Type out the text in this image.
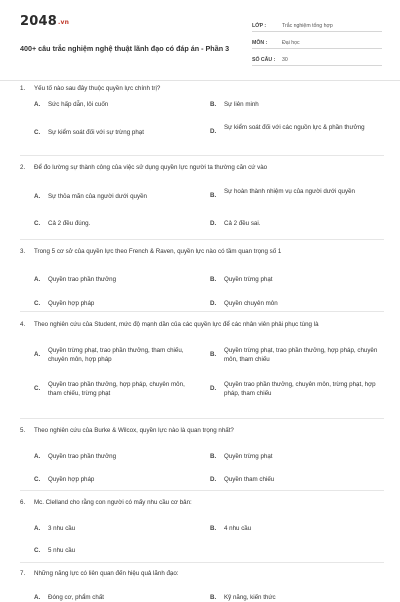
2048.vn
400+ câu trắc nghiệm nghệ thuật lãnh đạo có đáp án - Phần 3
LỚP :	Trắc nghiệm tổng hợp
MÔN :	Đại học
SỐ CÂU :	30
1. Yếu tố nào sau đây thuộc quyền lực chính trị?
A.	Sức hấp dẫn, lôi cuốn	B.	Sự liên minh
C.	Sự kiểm soát đối với sự trừng phạt	D.
Sự kiểm soát đối với các nguồn lực & phần thưởng
2. Để đo lường sự thành công của việc sử dụng quyền lực người ta thường căn cứ vào
A.	Sự thỏa mãn của người dưới quyền	B.
Sự hoàn thành nhiệm vụ của người dưới quyền
C.	Cả 2 đều đúng.	D.	Cả 2 đều sai.
3. Trong 5 cơ sở của quyền lực theo French & Raven, quyền lực nào có tầm quan trọng số 1
A.	Quyền trao phần thưởng	B.	Quyền trừng phạt
C.	Quyền hợp pháp	D.	Quyền chuyên môn
4. Theo nghiên cứu của Student, mức độ mạnh dần của các quyền lực để các nhân viên phải phục tùng là
A.
Quyền trừng phạt, trao phần thưởng, tham chiếu, chuyên môn, hợp pháp
B.
Quyền trừng phạt, trao phần thưởng, hợp pháp, chuyên môn, tham chiếu
C.
Quyền trao phần thưởng, hợp pháp, chuyên môn, tham chiếu, trừng phạt
D.
Quyền trao phần thưởng, chuyên môn, trừng phạt, hợp pháp, tham chiếu
5. Theo nghiên cứu của Burke & Wilcox, quyền lực nào là quan trọng nhất?
A.	Quyền trao phần thưởng	B.	Quyền trừng phạt
C.	Quyền hợp pháp	D.	Quyền tham chiếu
6. Mc. Clelland cho rằng con người có mấy nhu cầu cơ bản:
A.	3 nhu cầu	B.	4 nhu cầu
C.	5 nhu cầu
7. Những năng lực có liên quan đến hiệu quả lãnh đạo:
A.	Đóng cơ, phẩm chất	B.	Kỹ năng, kiến thức
